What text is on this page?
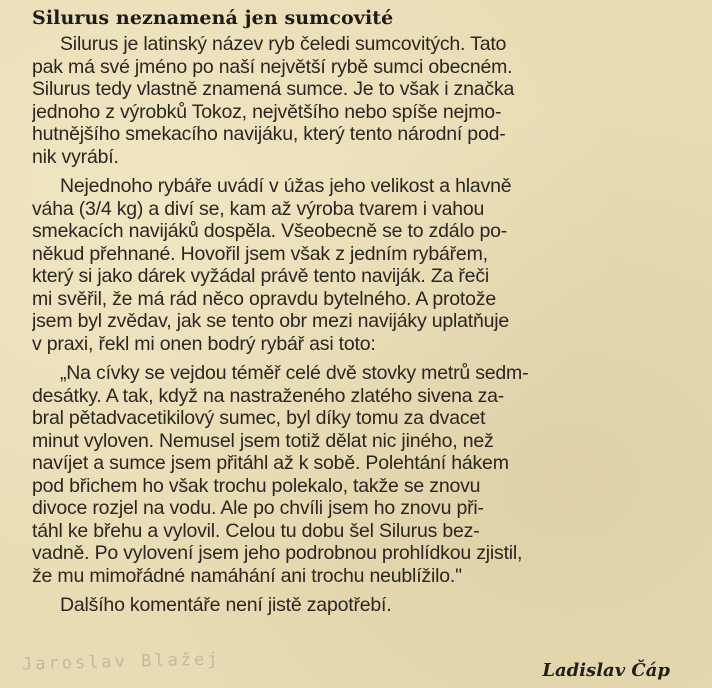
Silurus neznamená jen sumcovité
Silurus je latinský název ryb čeledi sumcovitých. Tato
pak má své jméno po naší největší rybě sumci obecném.
Silurus tedy vlastně znamená sumce. Je to však i značka
jednoho z výrobků Tokoz, největšího nebo spíše nejmo-
hutnějšího smekacího navijáku, který tento národní pod-
nik vyrábí.
Nejednoho rybáře uvádí v úžas jeho velikost a hlavně
váha (3/4 kg) a diví se, kam až výroba tvarem i vahou
smekacích navijáků dospěla. Všeobecně se to zdálo po-
někud přehnané. Hovořil jsem však z jedním rybářem,
který si jako dárek vyžádal právě tento naviják. Za řeči
mi svěřil, že má rád něco opravdu bytelného. A protože
jsem byl zvědav, jak se tento obr mezi navijáky uplatňuje
v praxi, řekl mi onen bodrý rybář asi toto:
„Na cívky se vejdou téměř celé dvě stovky metrů sedm-
desátky. A tak, když na nastraženého zlatého sivena za-
bral pětadvacetikilový sumec, byl díky tomu za dvacet
minut vyloven. Nemusel jsem totiž dělat nic jiného, než
navíjet a sumce jsem přitáhl až k sobě. Polehtání hákem
pod břichem ho však trochu polekalo, takže se znovu
divoce rozjel na vodu. Ale po chvíli jsem ho znovu při-
táhl ke břehu a vylovil. Celou tu dobu šel Silurus bez-
vadně. Po vylovení jsem jeho podrobnou prohlídkou zjistil,
že mu mimořádné namáhání ani trochu neublížilo."
Dalšího komentáře není jistě zapotřebí.
Jaroslav Blažej	Ladislav Čáp
